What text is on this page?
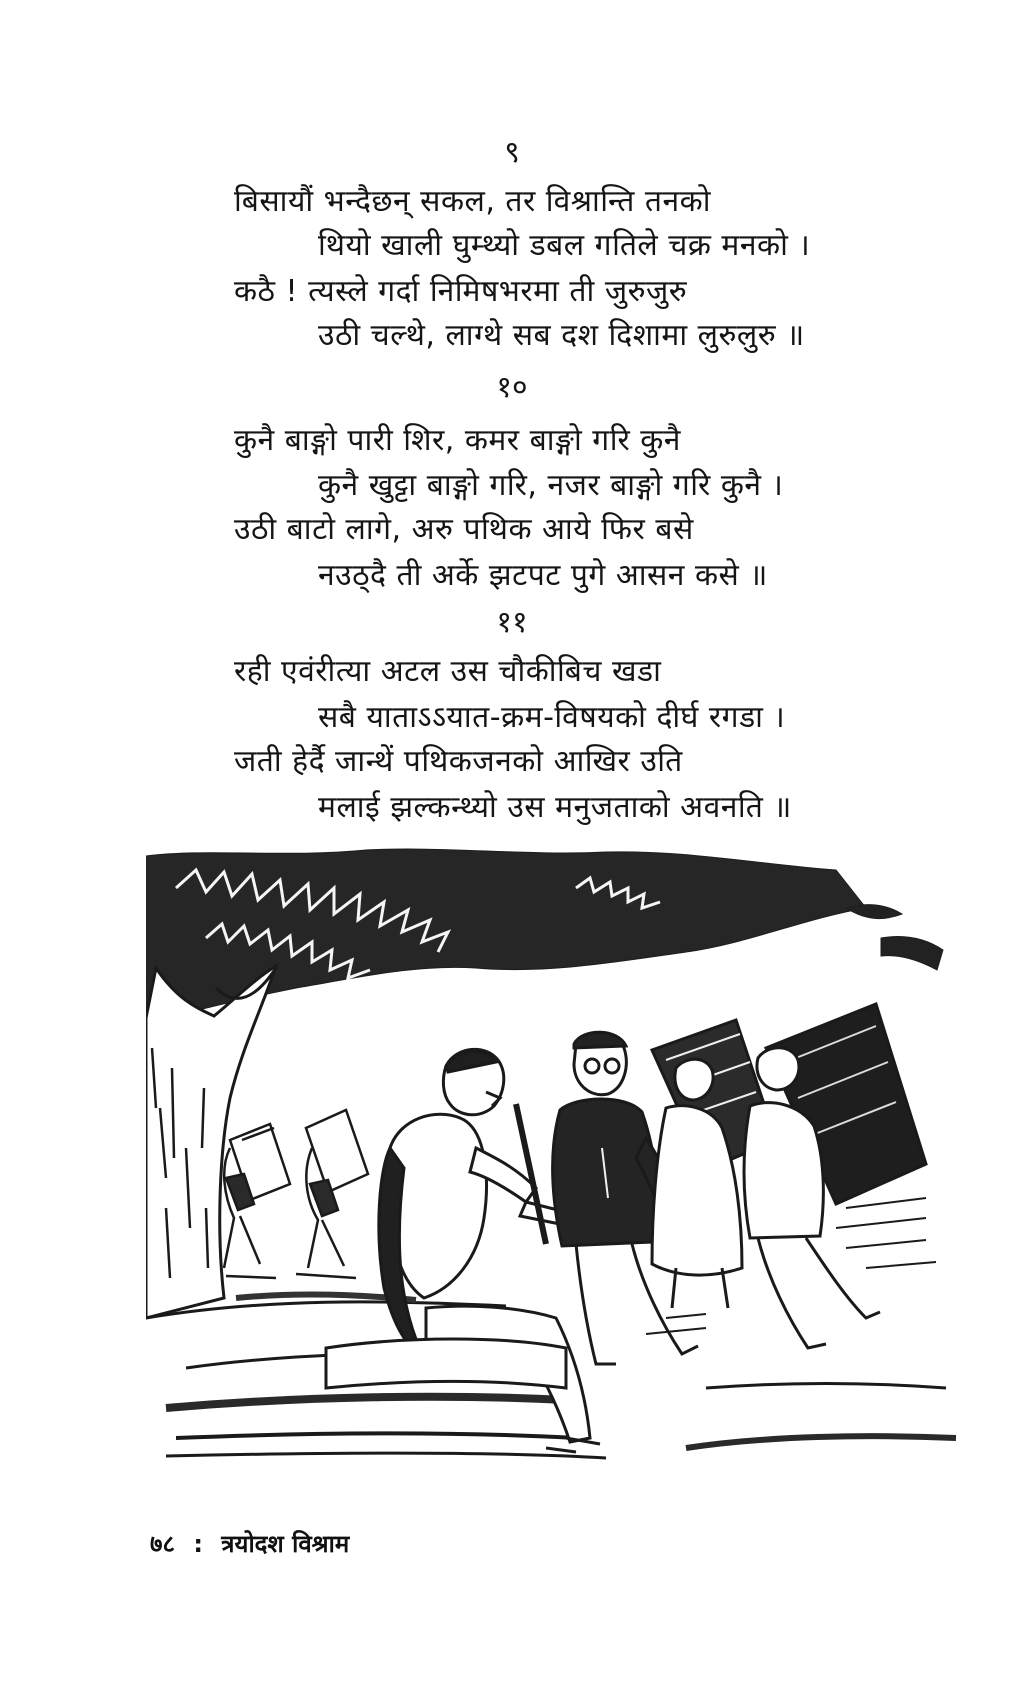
९
बिसायौं भन्दैछन् सकल, तर विश्रान्ति तनको
थियो खाली घुम्थ्यो डबल गतिले चक्र मनको ।
कठै ! त्यस्ले गर्दा निमिषभरमा ती जुरुजुरु
उठी चल्थे, लाग्थे सब दश दिशामा लुरुलुरु ॥
१०
कुनै बाङ्गो पारी शिर, कमर बाङ्गो गरि कुनै
कुनै खुट्टा बाङ्गो गरि, नजर बाङ्गो गरि कुनै ।
उठी बाटो लागे, अरु पथिक आये फिर बसे
नउठ्दै ती अर्के झटपट पुगे आसन कसे ॥
११
रही एवंरीत्या अटल उस चौकीबिच खडा
सबै याताऽऽयात-क्रम-विषयको दीर्घ रगडा ।
जती हेर्दै जान्थें पथिकजनको आखिर उति
मलाई झल्कन्थ्यो उस मनुजताको अवनति ॥
७८ : त्रयोदश विश्राम
